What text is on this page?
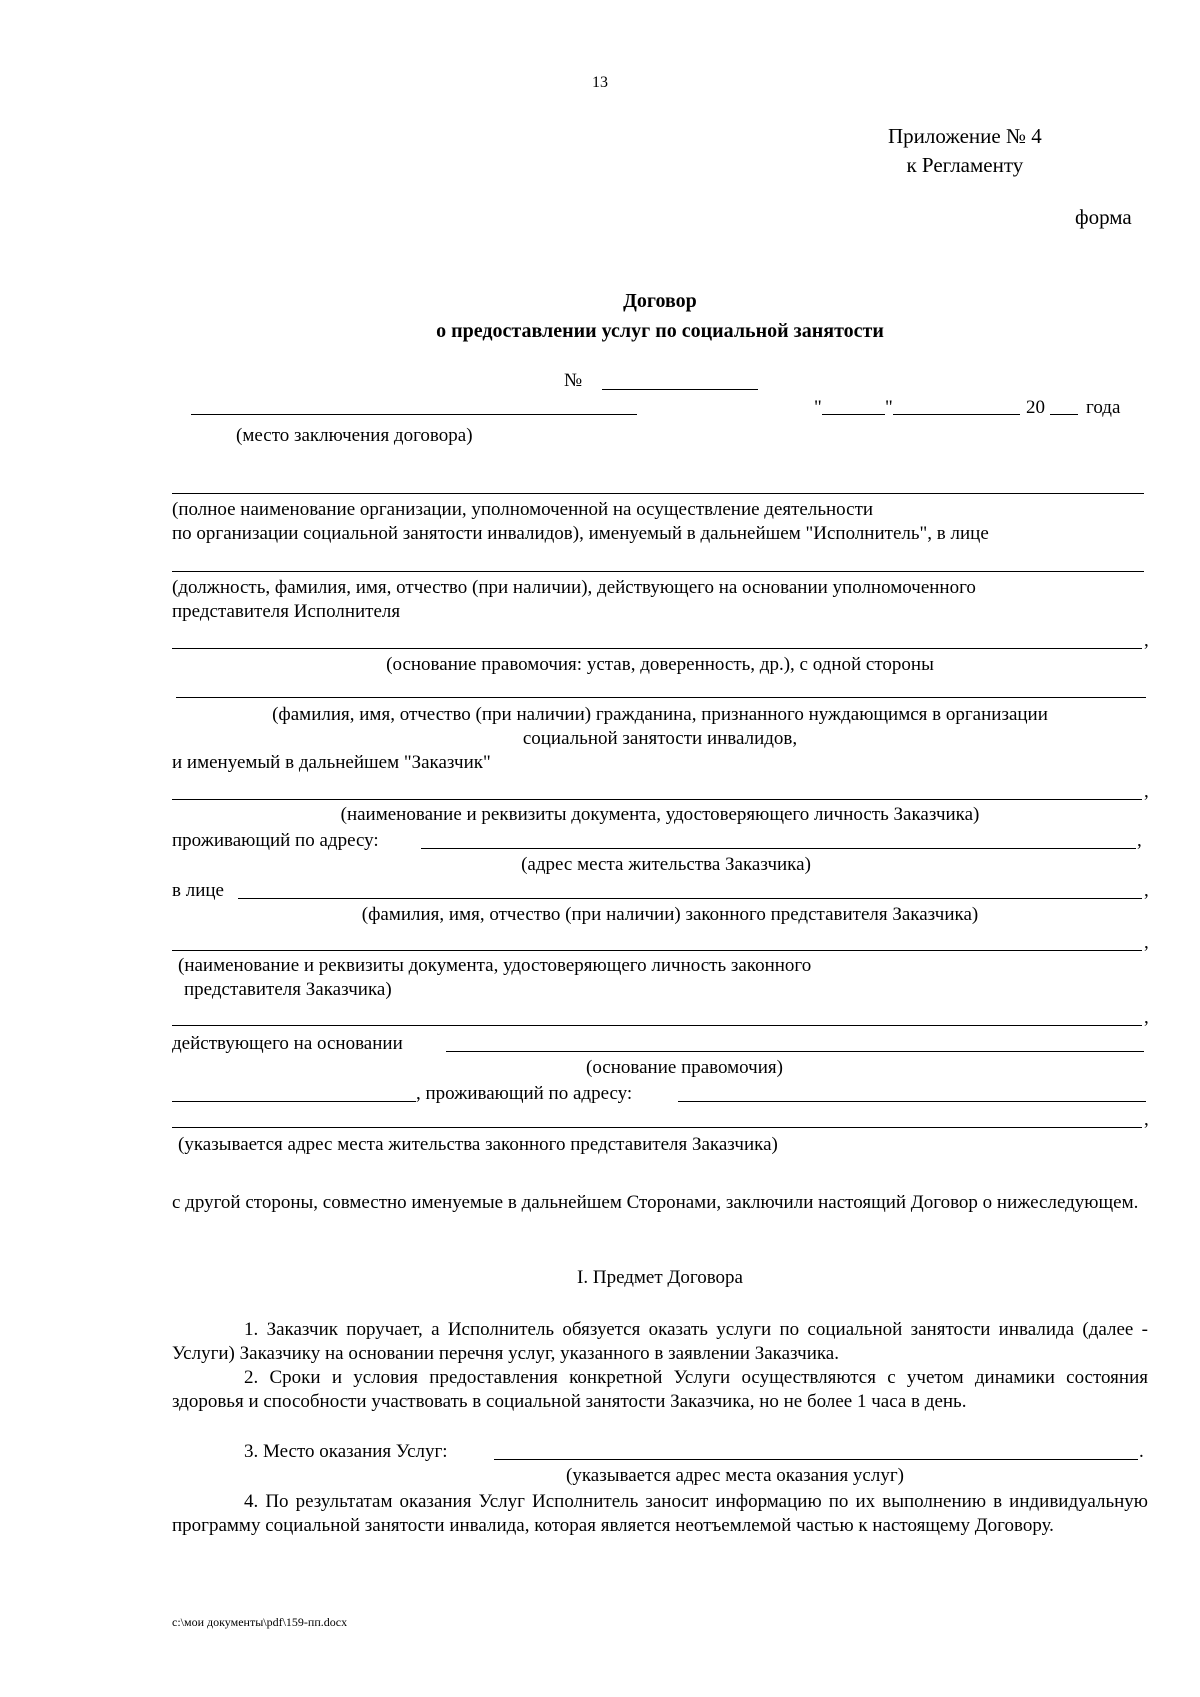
13
Приложение № 4
к Регламенту
форма
Договор
о предоставлении услуг по социальной занятости
№
"	"	20 года
(место заключения договора)
(полное наименование организации, уполномоченной на осуществление деятельности
по организации социальной занятости инвалидов), именуемый в дальнейшем "Исполнитель", в лице
(должность, фамилия, имя, отчество (при наличии), действующего на основании уполномоченного
представителя Исполнителя
,
(основание правомочия: устав, доверенность, др.), с одной стороны
(фамилия, имя, отчество (при наличии) гражданина, признанного нуждающимся в организации
социальной занятости инвалидов,
и именуемый в дальнейшем "Заказчик"
,
(наименование и реквизиты документа, удостоверяющего личность Заказчика)
проживающий по адресу:	,
(адрес места жительства Заказчика)
в лице	,
(фамилия, имя, отчество (при наличии) законного представителя Заказчика)
,
(наименование и реквизиты документа, удостоверяющего личность законного
представителя Заказчика)
,
действующего на основании
(основание правомочия)
, проживающий по адресу:
,
(указывается адрес места жительства законного представителя Заказчика)
с другой стороны, совместно именуемые в дальнейшем Сторонами, заключили настоящий Договор о нижеследующем.
I. Предмет Договора
1. Заказчик поручает, а Исполнитель обязуется оказать услуги по социальной занятости инвалида (далее - Услуги) Заказчику на основании перечня услуг, указанного в заявлении Заказчика.
2. Сроки и условия предоставления конкретной Услуги осуществляются с учетом динамики состояния здоровья и способности участвовать в социальной занятости Заказчика, но не более 1 часа в день.
3. Место оказания Услуг:	.
(указывается адрес места оказания услуг)
4. По результатам оказания Услуг Исполнитель заносит информацию по их выполнению в индивидуальную программу социальной занятости инвалида, которая является неотъемлемой частью к настоящему Договору.
c:\мои документы\pdf\159-пп.docx
